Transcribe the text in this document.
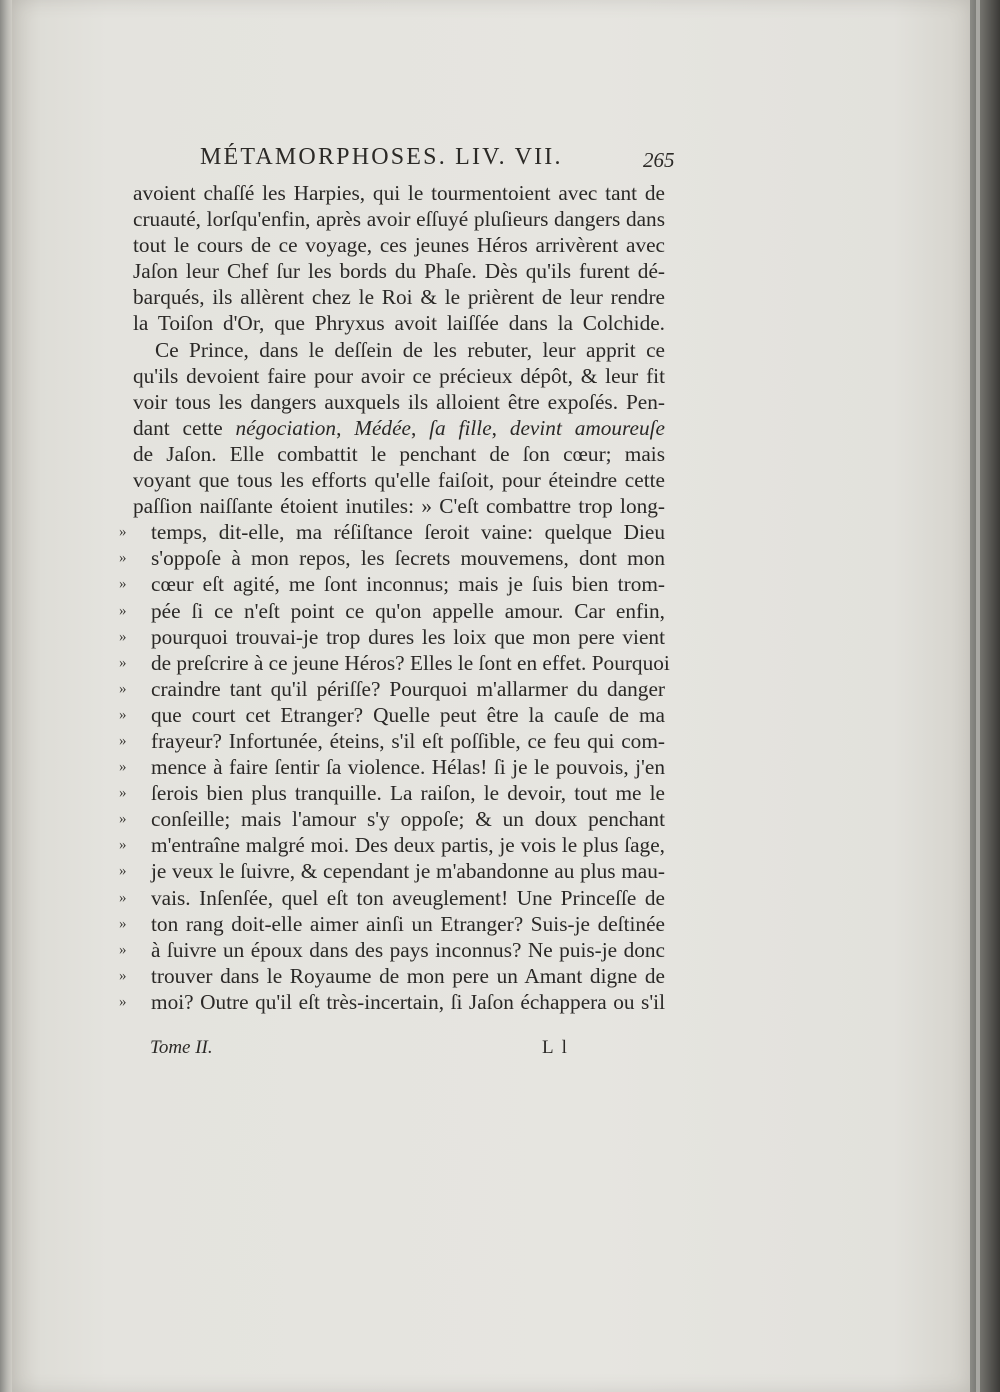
MÉTAMORPHOSES. LIV. VII.	265
avoient chaſſé les Harpies, qui le tourmentoient avec tant de
cruauté, lorſqu'enfin, après avoir eſſuyé pluſieurs dangers dans
tout le cours de ce voyage, ces jeunes Héros arrivèrent avec
Jaſon leur Chef ſur les bords du Phaſe. Dès qu'ils furent dé-
barqués, ils allèrent chez le Roi & le prièrent de leur rendre
la Toiſon d'Or, que Phryxus avoit laiſſée dans la Colchide.
Ce Prince, dans le deſſein de les rebuter, leur apprit ce
qu'ils devoient faire pour avoir ce précieux dépôt, & leur fit
voir tous les dangers auxquels ils alloient être expoſés. Pen-
dant cette négociation, Médée, ſa fille, devint amoureuſe
de Jaſon. Elle combattit le penchant de ſon cœur; mais
voyant que tous les efforts qu'elle faiſoit, pour éteindre cette
paſſion naiſſante étoient inutiles: » C'eſt combattre trop long-
» temps, dit-elle, ma réſiſtance ſeroit vaine: quelque Dieu
» s'oppoſe à mon repos, les ſecrets mouvemens, dont mon
» cœur eſt agité, me ſont inconnus; mais je ſuis bien trom-
» pée ſi ce n'eſt point ce qu'on appelle amour. Car enfin,
» pourquoi trouvai-je trop dures les loix que mon pere vient
» de preſcrire à ce jeune Héros? Elles le ſont en effet. Pourquoi
» craindre tant qu'il périſſe? Pourquoi m'allarmer du danger
» que court cet Etranger? Quelle peut être la cauſe de ma
» frayeur? Infortunée, éteins, s'il eſt poſſible, ce feu qui com-
» mence à faire ſentir ſa violence. Hélas! ſi je le pouvois, j'en
» ſerois bien plus tranquille. La raiſon, le devoir, tout me le
» conſeille; mais l'amour s'y oppoſe; & un doux penchant
» m'entraîne malgré moi. Des deux partis, je vois le plus ſage,
» je veux le ſuivre, & cependant je m'abandonne au plus mau-
» vais. Inſenſée, quel eſt ton aveuglement! Une Princeſſe de
» ton rang doit-elle aimer ainſi un Etranger? Suis-je deſtinée
» à ſuivre un époux dans des pays inconnus? Ne puis-je donc
» trouver dans le Royaume de mon pere un Amant digne de
» moi? Outre qu'il eſt très-incertain, ſi Jaſon échappera ou s'il
Tome II.	L l
